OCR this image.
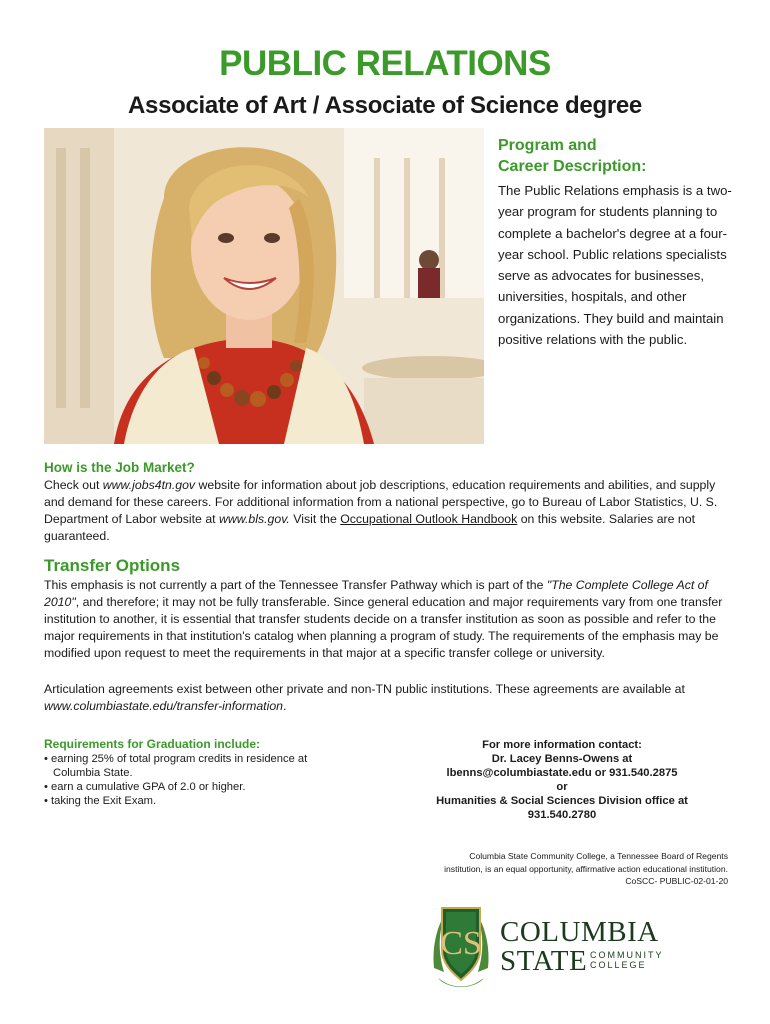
PUBLIC RELATIONS
Associate of Art / Associate of Science degree
Program and
Career Description:
The Public Relations emphasis is a two-year program for students planning to complete a bachelor's degree at a four- year school. Public relations specialists serve as advocates for businesses, universities, hospitals, and other organizations. They build and maintain positive relations with the public.
How is the Job Market?
Check out www.jobs4tn.gov website for information about job descriptions, education requirements and abilities, and supply and demand for these careers. For additional information from a national perspective, go to Bureau of Labor Statistics, U. S. Department of Labor website at www.bls.gov. Visit the Occupational Outlook Handbook on this website. Salaries are not guaranteed.
Transfer Options
This emphasis is not currently a part of the Tennessee Transfer Pathway which is part of the "The Complete College Act of 2010", and therefore; it may not be fully transferable. Since general education and major requirements vary from one transfer institution to another, it is essential that transfer students decide on a transfer institution as soon as possible and refer to the major requirements in that institution's catalog when planning a program of study. The requirements of the emphasis may be modified upon request to meet the requirements in that major at a specific transfer college or university.
Articulation agreements exist between other private and non-TN public institutions. These agreements are available at www.columbiastate.edu/transfer-information.
Requirements for Graduation include:
• earning 25% of total program credits in residence at Columbia State.
• earn a cumulative GPA of 2.0 or higher.
• taking the Exit Exam.
For more information contact:
Dr. Lacey Benns-Owens at
lbenns@columbiastate.edu or 931.540.2875
or
Humanities & Social Sciences Division office at
931.540.2780
Columbia State Community College, a Tennessee Board of Regents
institution, is an equal opportunity, affirmative action educational institution.
CoSCC- PUBLIC-02-01-20
CS COLUMBIA
STATE COMMUNITY
COLLEGE
